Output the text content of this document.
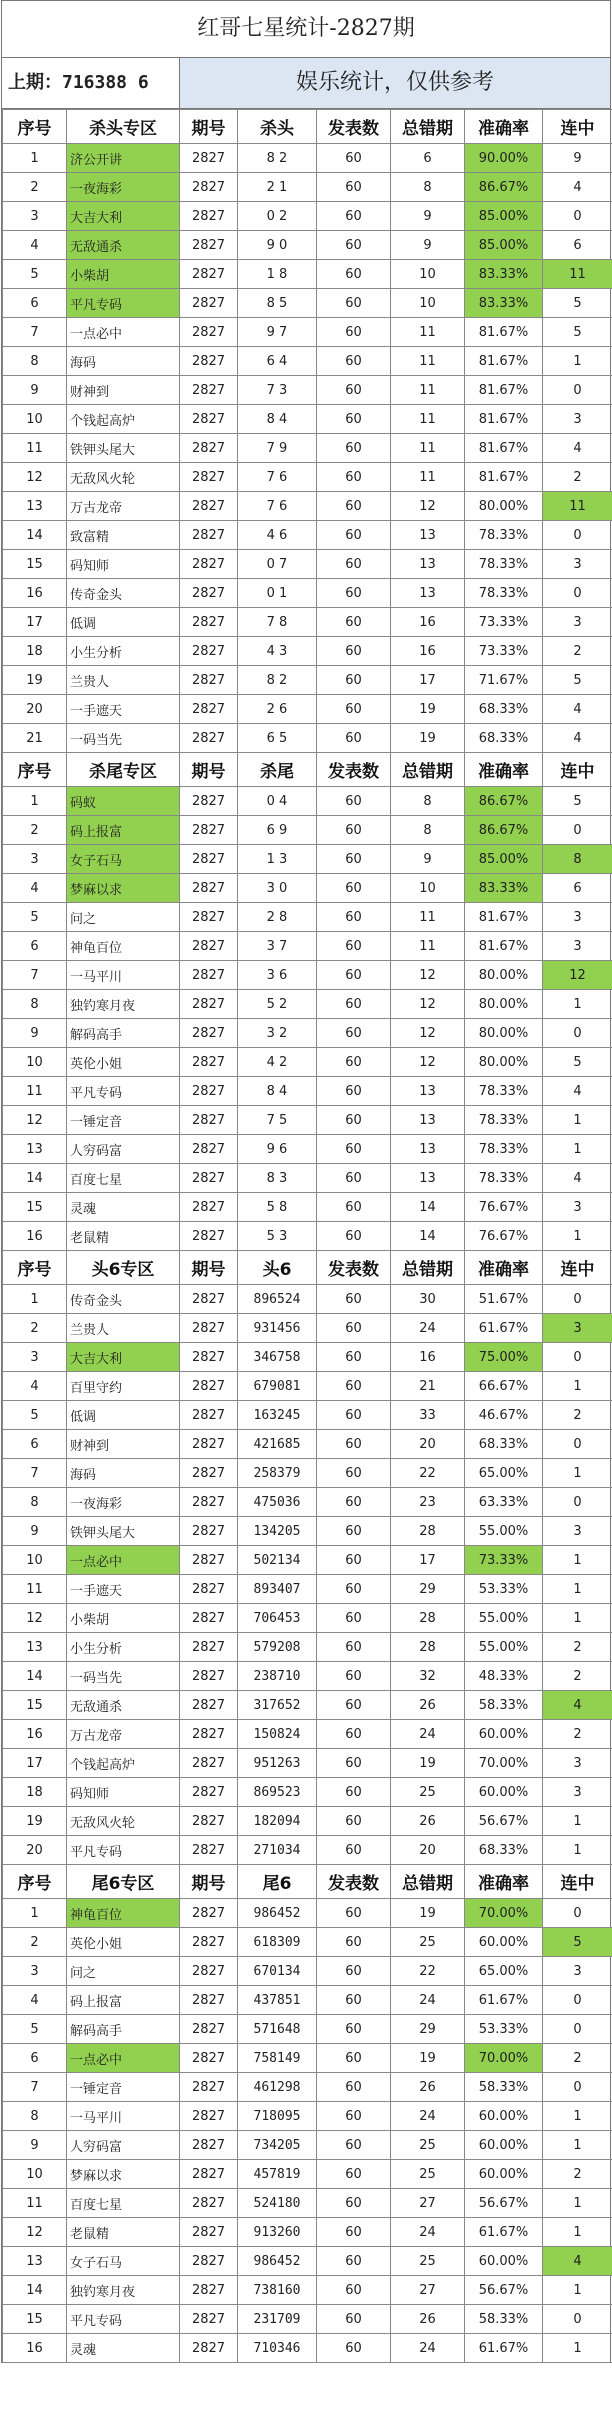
红哥七星统计-2827期
上期：716388 6	娱乐统计，仅供参考
序号	杀头专区	期号	杀头	发表数	总错期	准确率	连中
1	济公开讲	2827	8 2	60	6	90.00%	9
2	一夜海彩	2827	2 1	60	8	86.67%	4
3	大吉大利	2827	0 2	60	9	85.00%	0
4	无敌通杀	2827	9 0	60	9	85.00%	6
5	小柴胡	2827	1 8	60	10	83.33%	11
6	平凡专码	2827	8 5	60	10	83.33%	5
7	一点必中	2827	9 7	60	11	81.67%	5
8	海码	2827	6 4	60	11	81.67%	1
9	财神到	2827	7 3	60	11	81.67%	0
10	个钱起高炉	2827	8 4	60	11	81.67%	3
11	铁钾头尾大	2827	7 9	60	11	81.67%	4
12	无敌风火轮	2827	7 6	60	11	81.67%	2
13	万古龙帝	2827	7 6	60	12	80.00%	11
14	致富精	2827	4 6	60	13	78.33%	0
15	码知师	2827	0 7	60	13	78.33%	3
16	传奇金头	2827	0 1	60	13	78.33%	0
17	低调	2827	7 8	60	16	73.33%	3
18	小生分析	2827	4 3	60	16	73.33%	2
19	兰贵人	2827	8 2	60	17	71.67%	5
20	一手遮天	2827	2 6	60	19	68.33%	4
21	一码当先	2827	6 5	60	19	68.33%	4
序号	杀尾专区	期号	杀尾	发表数	总错期	准确率	连中
1	码蚁	2827	0 4	60	8	86.67%	5
2	码上报富	2827	6 9	60	8	86.67%	0
3	女子石马	2827	1 3	60	9	85.00%	8
4	梦麻以求	2827	3 0	60	10	83.33%	6
5	问之	2827	2 8	60	11	81.67%	3
6	神龟百位	2827	3 7	60	11	81.67%	3
7	一马平川	2827	3 6	60	12	80.00%	12
8	独钓寒月夜	2827	5 2	60	12	80.00%	1
9	解码高手	2827	3 2	60	12	80.00%	0
10	英伦小姐	2827	4 2	60	12	80.00%	5
11	平凡专码	2827	8 4	60	13	78.33%	4
12	一锤定音	2827	7 5	60	13	78.33%	1
13	人穷码富	2827	9 6	60	13	78.33%	1
14	百度七星	2827	8 3	60	13	78.33%	4
15	灵魂	2827	5 8	60	14	76.67%	3
16	老鼠精	2827	5 3	60	14	76.67%	1
序号	头6专区	期号	头6	发表数	总错期	准确率	连中
1	传奇金头	2827	896524	60	30	51.67%	0
2	兰贵人	2827	931456	60	24	61.67%	3
3	大吉大利	2827	346758	60	16	75.00%	0
4	百里守约	2827	679081	60	21	66.67%	1
5	低调	2827	163245	60	33	46.67%	2
6	财神到	2827	421685	60	20	68.33%	0
7	海码	2827	258379	60	22	65.00%	1
8	一夜海彩	2827	475036	60	23	63.33%	0
9	铁钾头尾大	2827	134205	60	28	55.00%	3
10	一点必中	2827	502134	60	17	73.33%	1
11	一手遮天	2827	893407	60	29	53.33%	1
12	小柴胡	2827	706453	60	28	55.00%	1
13	小生分析	2827	579208	60	28	55.00%	2
14	一码当先	2827	238710	60	32	48.33%	2
15	无敌通杀	2827	317652	60	26	58.33%	4
16	万古龙帝	2827	150824	60	24	60.00%	2
17	个钱起高炉	2827	951263	60	19	70.00%	3
18	码知师	2827	869523	60	25	60.00%	3
19	无敌风火轮	2827	182094	60	26	56.67%	1
20	平凡专码	2827	271034	60	20	68.33%	1
序号	尾6专区	期号	尾6	发表数	总错期	准确率	连中
1	神龟百位	2827	986452	60	19	70.00%	0
2	英伦小姐	2827	618309	60	25	60.00%	5
3	问之	2827	670134	60	22	65.00%	3
4	码上报富	2827	437851	60	24	61.67%	0
5	解码高手	2827	571648	60	29	53.33%	0
6	一点必中	2827	758149	60	19	70.00%	2
7	一锤定音	2827	461298	60	26	58.33%	0
8	一马平川	2827	718095	60	24	60.00%	1
9	人穷码富	2827	734205	60	25	60.00%	1
10	梦麻以求	2827	457819	60	25	60.00%	2
11	百度七星	2827	524180	60	27	56.67%	1
12	老鼠精	2827	913260	60	24	61.67%	1
13	女子石马	2827	986452	60	25	60.00%	4
14	独钓寒月夜	2827	738160	60	27	56.67%	1
15	平凡专码	2827	231709	60	26	58.33%	0
16	灵魂	2827	710346	60	24	61.67%	1
